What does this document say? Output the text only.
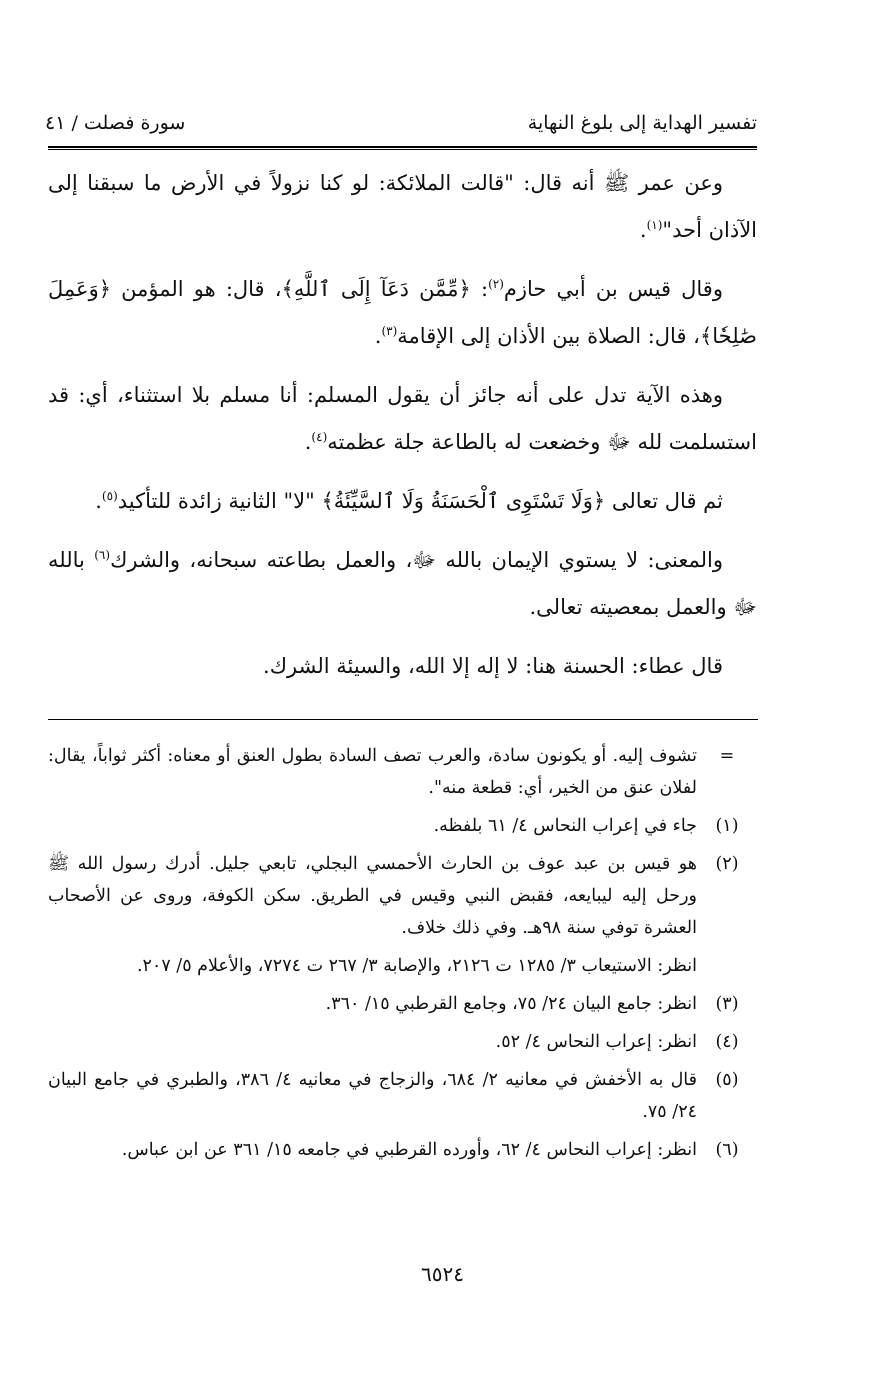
تفسير الهداية إلى بلوغ النهاية
سورة فصلت / ٤١

وعن عمر ﷺ أنه قال: "قالت الملائكة: لو كنا نزولاً في الأرض ما سبقنا إلى الآذان أحد"$^{(١)}$.

وقال قيس بن أبي حازم$^{(٢)}$: ﴿مِّمَّن دَعَآ إِلَى ٱللَّهِ﴾، قال: هو المؤمن ﴿وَعَمِلَ صَٰلِحٗا﴾، قال: الصلاة بين الأذان إلى الإقامة$^{(٣)}$.

وهذه الآية تدل على أنه جائز أن يقول المسلم: أنا مسلم بلا استثناء، أي: قد استسلمت لله ﷻ وخضعت له بالطاعة جلة عظمته$^{(٤)}$.

ثم قال تعالى ﴿وَلَا تَسْتَوِى ٱلْحَسَنَةُ وَلَا ٱلسَّيِّئَةُ﴾ "لا" الثانية زائدة للتأكيد$^{(٥)}$.

والمعنى: لا يستوي الإيمان بالله ﷻ، والعمل بطاعته سبحانه، والشرك$^{(٦)}$ بالله ﷻ والعمل بمعصيته تعالى.

قال عطاء: الحسنة هنا: لا إله إلا الله، والسيئة الشرك.

=
تشوف إليه. أو يكونون سادة، والعرب تصف السادة بطول العنق أو معناه: أكثر ثواباً، يقال: لفلان عنق من الخير، أي: قطعة منه".
(١)
جاء في إعراب النحاس ٤/ ٦١ بلفظه.
(٢)
هو قيس بن عبد عوف بن الحارث الأحمسي البجلي، تابعي جليل. أدرك رسول الله ﷺ ورحل إليه ليبايعه، فقبض النبي وقيس في الطريق. سكن الكوفة، وروى عن الأصحاب العشرة توفي سنة ٩٨هـ. وفي ذلك خلاف.
انظر: الاستيعاب ٣/ ١٢٨٥ ت ٢١٢٦، والإصابة ٣/ ٢٦٧ ت ٧٢٧٤، والأعلام ٥/ ٢٠٧.
(٣)
انظر: جامع البيان ٢٤/ ٧٥، وجامع القرطبي ١٥/ ٣٦٠.
(٤)
انظر: إعراب النحاس ٤/ ٥٢.
(٥)
قال به الأخفش في معانيه ٢/ ٦٨٤، والزجاج في معانيه ٤/ ٣٨٦، والطبري في جامع البيان ٢٤/ ٧٥.
(٦)
انظر: إعراب النحاس ٤/ ٦٢، وأورده القرطبي في جامعه ١٥/ ٣٦١ عن ابن عباس.
٦٥٢٤
